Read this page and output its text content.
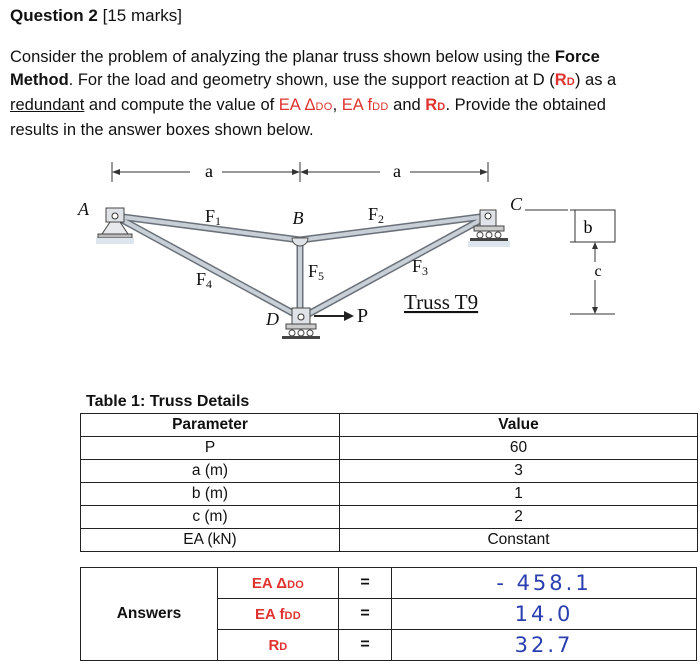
Question 2 [15 marks]
Consider the problem of analyzing the planar truss shown below using the Force
Method. For the load and geometry shown, use the support reaction at D (RD) as a
redundant and compute the value of EA ΔDO, EA fDD and RD. Provide the obtained
results in the answer boxes shown below.
a	a
b
c
A	B
C
D
F1	F2
F3
F4
F5
P
Truss T9
Table 1: Truss Details
Parameter	Value
P	60
a (m)	3
b (m)	1
c (m)	2
EA (kN)	Constant
Answers	EA ΔDO	=	- 458.1
	EA fDD	=	14.0
	RD	=	32.7
